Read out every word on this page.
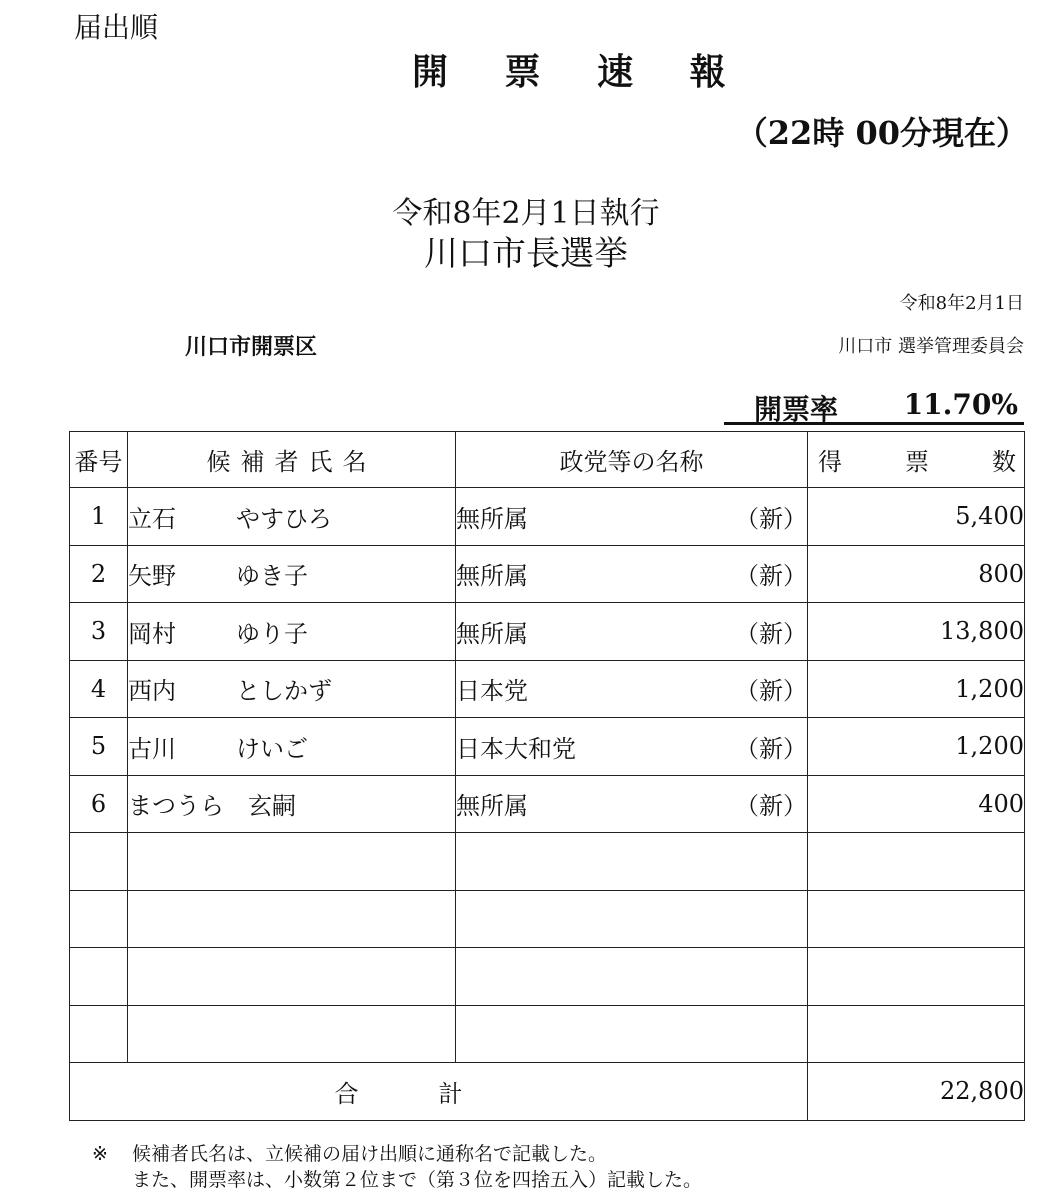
届出順
開 票 速 報
（22時 00分現在）
令和8年2月1日執行
川口市長選挙
令和8年2月1日
川口市開票区	川口市 選挙管理委員会
開票率 11.70%
番号	候補者氏名	政党等の名称	得 票 数

1	立石　 やすひろ	無所属 （新）	5,400
2	矢野　 ゆき子	無所属 （新）	800
3	岡村　 ゆり子	無所属 （新）	13,800
4	西内　 としかず	日本党 （新）	1,200
5	古川　 けいご	日本大和党 （新）	1,200
6	まつうら　 玄嗣	無所属 （新）	400

合計			22,800
※ 候補者氏名は、立候補の届け出順に通称名で記載した。
また、開票率は、小数第２位まで（第３位を四捨五入）記載した。
